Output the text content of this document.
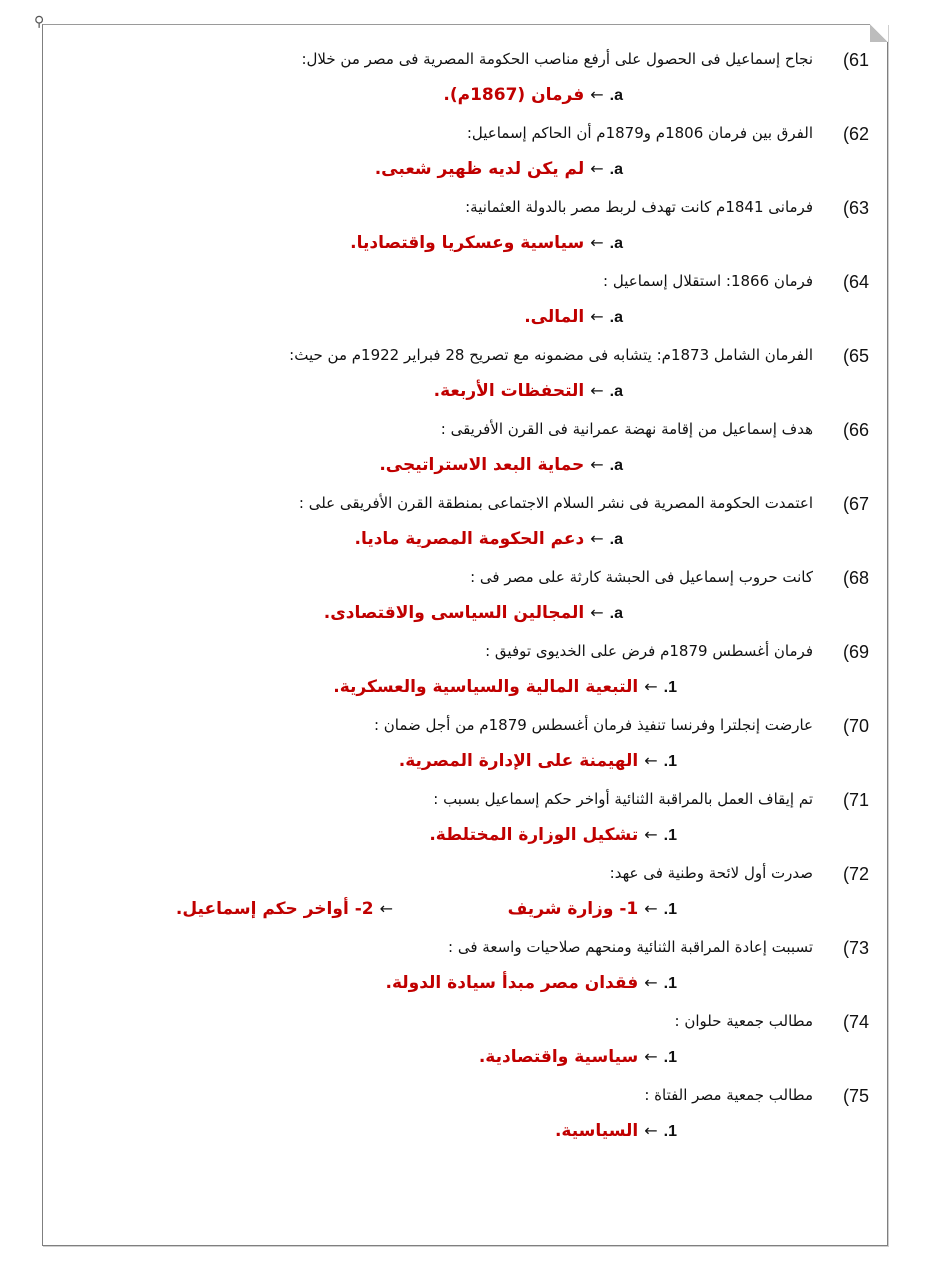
⚲
(61
نجاح إسماعيل فى الحصول على أرفع مناصب الحكومة المصرية فى مصر من خلال:
a.←فرمان (1867م).
(62
الفرق بين فرمان 1806م و1879م أن الحاكم إسماعيل:
a.←لم يكن لديه ظهير شعبى.
(63
فرمانى 1841م كانت تهدف لربط مصر بالدولة العثمانية:
a.←سياسية وعسكريا واقتصاديا.
(64
فرمان 1866: استقلال إسماعيل :
a.←المالى.
(65
الفرمان الشامل 1873م: يتشابه فى مضمونه مع تصريح 28 فبراير 1922م من حيث:
a.←التحفظات الأربعة.
(66
هدف إسماعيل من إقامة نهضة عمرانية فى القرن الأفريقى :
a.←حماية البعد الاستراتيجى.
(67
اعتمدت الحكومة المصرية فى نشر السلام الاجتماعى بمنطقة القرن الأفريقى على :
a.←دعم الحكومة المصرية ماديا.
(68
كانت حروب إسماعيل فى الحبشة كارثة على مصر فى :
a.←المجالين السياسى والاقتصادى.
(69
فرمان أغسطس 1879م فرض على الخديوى توفيق :
1.←التبعية المالية والسياسية والعسكرية.
(70
عارضت إنجلترا وفرنسا تنفيذ فرمان أغسطس 1879م من أجل ضمان :
1.←الهيمنة على الإدارة المصرية.
(71
تم إيقاف العمل بالمراقبة الثنائية أواخر حكم إسماعيل بسبب :
1.←تشكيل الوزارة المختلطة.
(72
صدرت أول لائحة وطنية فى عهد:
1.←1- وزارة شريف
←2- أواخر حكم إسماعيل.
(73
تسببت إعادة المراقبة الثنائية ومنحهم صلاحيات واسعة فى :
1.←فقدان مصر مبدأ سيادة الدولة.
(74
مطالب جمعية حلوان :
1.←سياسية واقتصادية.
(75
مطالب جمعية مصر الفتاة :
1.←السياسية.
